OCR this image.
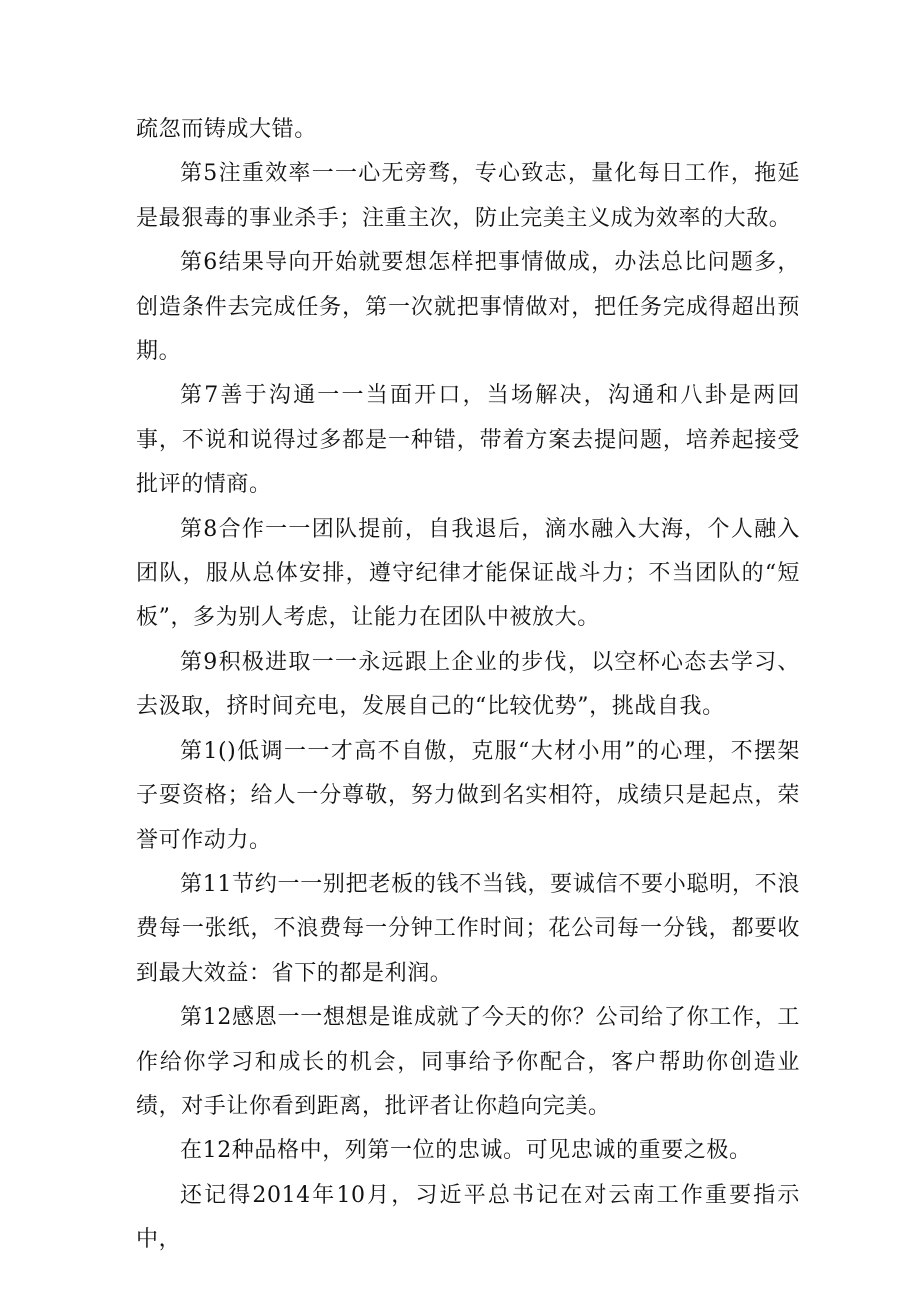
疏忽而铸成大错。

第5注重效率一一心无旁骛，专心致志，量化每日工作，拖延是最狠毒的事业杀手；注重主次，防止完美主义成为效率的大敌。

第6结果导向开始就要想怎样把事情做成，办法总比问题多，创造条件去完成任务，第一次就把事情做对，把任务完成得超出预期。

第7善于沟通一一当面开口，当场解决，沟通和八卦是两回事，不说和说得过多都是一种错，带着方案去提问题，培养起接受批评的情商。

第8合作一一团队提前，自我退后，滴水融入大海，个人融入团队，服从总体安排，遵守纪律才能保证战斗力；不当团队的“短板”，多为别人考虑，让能力在团队中被放大。

第9积极进取一一永远跟上企业的步伐，以空杯心态去学习、去汲取，挤时间充电，发展自己的“比较优势”，挑战自我。

第1()低调一一才高不自傲，克服“大材小用”的心理，不摆架子耍资格；给人一分尊敬，努力做到名实相符，成绩只是起点，荣誉可作动力。

第11节约一一别把老板的钱不当钱，要诚信不要小聪明，不浪费每一张纸，不浪费每一分钟工作时间；花公司每一分钱，都要收到最大效益：省下的都是利润。

第12感恩一一想想是谁成就了今天的你？公司给了你工作，工作给你学习和成长的机会，同事给予你配合，客户帮助你创造业绩，对手让你看到距离，批评者让你趋向完美。

在12种品格中，列第一位的忠诚。可见忠诚的重要之极。

还记得2014年10月，习近平总书记在对云南工作重要指示中，
